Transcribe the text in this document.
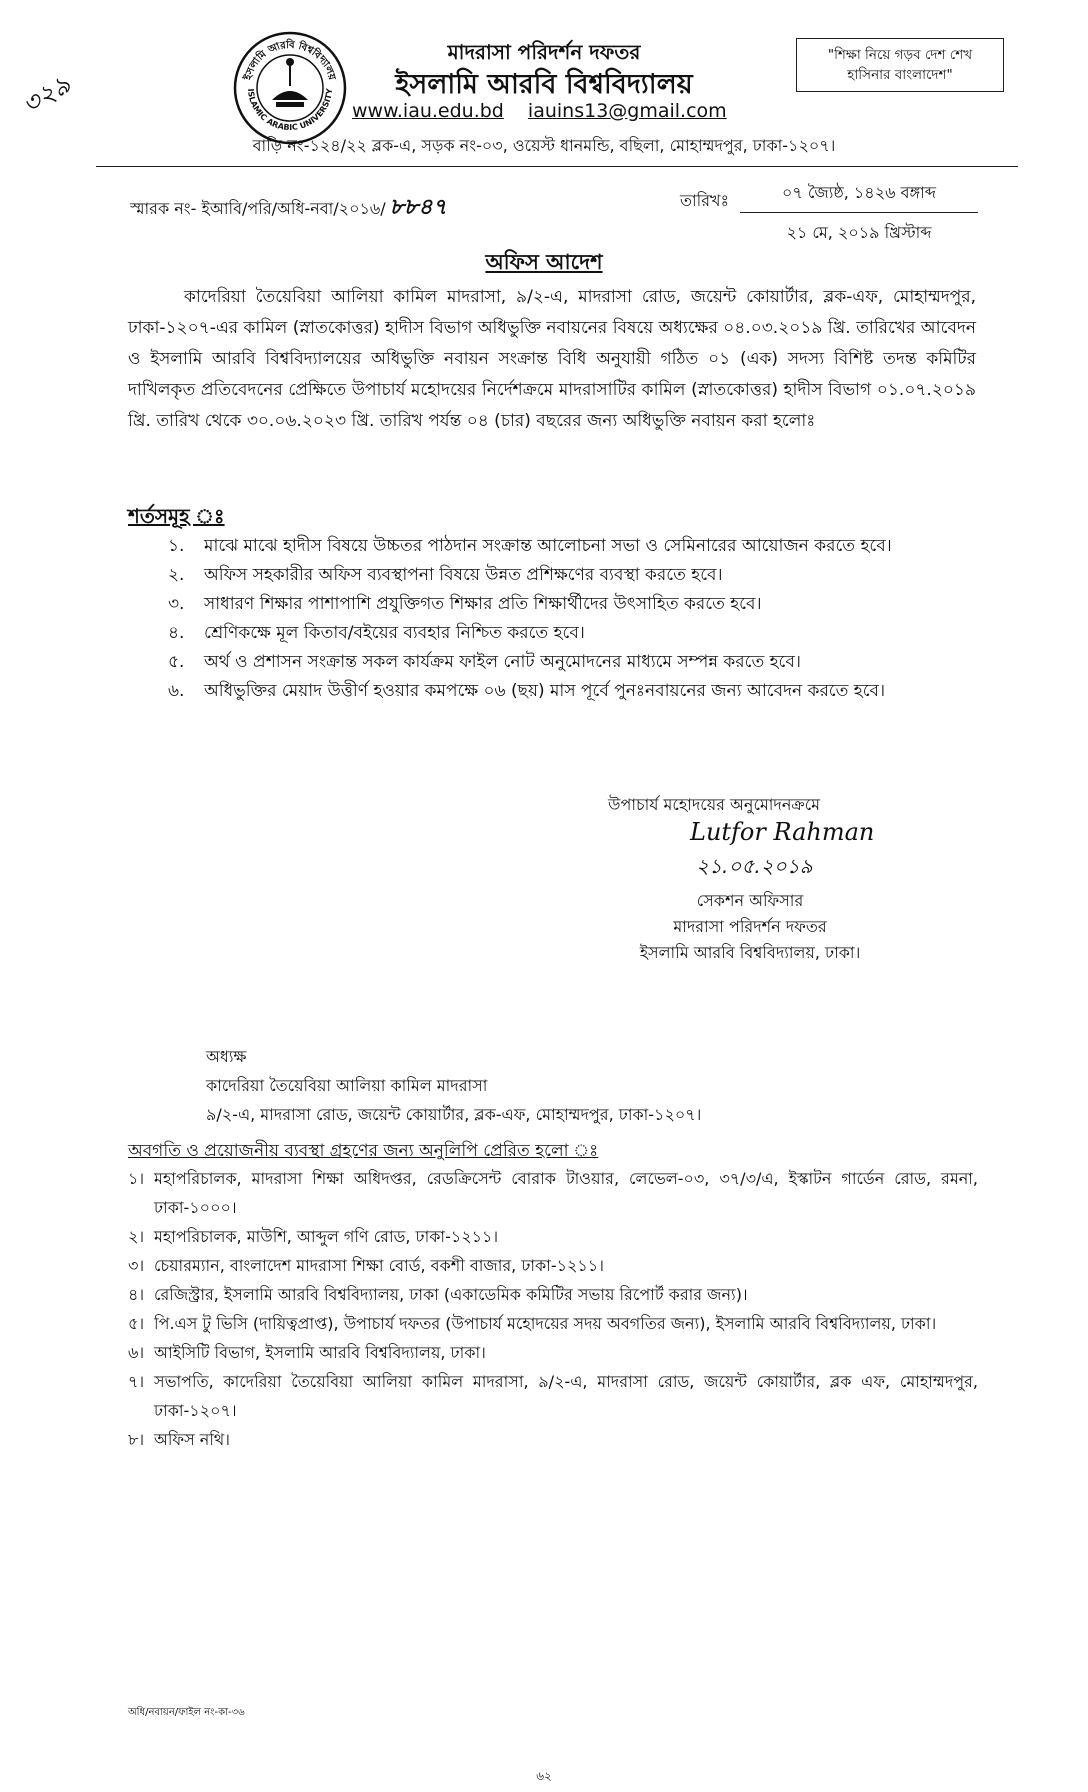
৩২৯	ইসলামি আরবি বিশ্ববিদ্যালয়
ISLAMIC ARABIC UNIVERSITY
মাদরাসা পরিদর্শন দফতর
ইসলামি আরবি বিশ্ববিদ্যালয়
www.iau.edu.bd iauins13@gmail.com
বাড়ি নং-১২৪/২২ ব্লক-এ, সড়ক নং-০৩, ওয়েস্ট ধানমন্ডি, বছিলা, মোহাম্মদপুর, ঢাকা-১২০৭।
"শিক্ষা নিয়ে গড়ব দেশ শেখ হাসিনার বাংলাদেশ"
স্মারক নং- ইআবি/পরি/অধি-নবা/২০১৬/ ৮৮৪৭	তারিখঃ	০৭ জ্যৈষ্ঠ, ১৪২৬ বঙ্গাব্দ
২১ মে, ২০১৯ খ্রিস্টাব্দ
অফিস আদেশ
কাদেরিয়া তৈয়েবিয়া আলিয়া কামিল মাদরাসা, ৯/২-এ, মাদরাসা রোড, জয়েন্ট কোয়ার্টার, ব্লক-এফ, মোহাম্মদপুর, ঢাকা-১২০৭-এর কামিল (স্নাতকোত্তর) হাদীস বিভাগ অধিভুক্তি নবায়নের বিষয়ে অধ্যক্ষের ০৪.০৩.২০১৯ খ্রি. তারিখের আবেদন ও ইসলামি আরবি বিশ্ববিদ্যালয়ের অধিভুক্তি নবায়ন সংক্রান্ত বিধি অনুযায়ী গঠিত ০১ (এক) সদস্য বিশিষ্ট তদন্ত কমিটির দাখিলকৃত প্রতিবেদনের প্রেক্ষিতে উপাচার্য মহোদয়ের নির্দেশক্রমে মাদরাসাটির কামিল (স্নাতকোত্তর) হাদীস বিভাগ ০১.০৭.২০১৯ খ্রি. তারিখ থেকে ৩০.০৬.২০২৩ খ্রি. তারিখ পর্যন্ত ০৪ (চার) বছরের জন্য অধিভুক্তি নবায়ন করা হলোঃ
শর্তসমূহ ঃ
১. মাঝে মাঝে হাদীস বিষয়ে উচ্চতর পাঠদান সংক্রান্ত আলোচনা সভা ও সেমিনারের আয়োজন করতে হবে।
২. অফিস সহকারীর অফিস ব্যবস্থাপনা বিষয়ে উন্নত প্রশিক্ষণের ব্যবস্থা করতে হবে।
৩. সাধারণ শিক্ষার পাশাপাশি প্রযুক্তিগত শিক্ষার প্রতি শিক্ষার্থীদের উৎসাহিত করতে হবে।
৪. শ্রেণিকক্ষে মূল কিতাব/বইয়ের ব্যবহার নিশ্চিত করতে হবে।
৫. অর্থ ও প্রশাসন সংক্রান্ত সকল কার্যক্রম ফাইল নোট অনুমোদনের মাধ্যমে সম্পন্ন করতে হবে।
৬. অধিভুক্তির মেয়াদ উত্তীর্ণ হওয়ার কমপক্ষে ০৬ (ছয়) মাস পূর্বে পুনঃনবায়নের জন্য আবেদন করতে হবে।
উপাচার্য মহোদয়ের অনুমোদনক্রমে
Lutfor Rahman
২১.০৫.২০১৯
সেকশন অফিসার
মাদরাসা পরিদর্শন দফতর
ইসলামি আরবি বিশ্ববিদ্যালয়, ঢাকা।
অধ্যক্ষ
কাদেরিয়া তৈয়েবিয়া আলিয়া কামিল মাদরাসা
৯/২-এ, মাদরাসা রোড, জয়েন্ট কোয়ার্টার, ব্লক-এফ, মোহাম্মদপুর, ঢাকা-১২০৭।
অবগতি ও প্রয়োজনীয় ব্যবস্থা গ্রহণের জন্য অনুলিপি প্রেরিত হলো ঃ
১। মহাপরিচালক, মাদরাসা শিক্ষা অধিদপ্তর, রেডক্রিসেন্ট বোরাক টাওয়ার, লেভেল-০৩, ৩৭/৩/এ, ইস্কাটন গার্ডেন রোড, রমনা, ঢাকা-১০০০।
২। মহাপরিচালক, মাউশি, আব্দুল গণি রোড, ঢাকা-১২১১।
৩। চেয়ারম্যান, বাংলাদেশ মাদরাসা শিক্ষা বোর্ড, বকশী বাজার, ঢাকা-১২১১।
৪। রেজিস্ট্রার, ইসলামি আরবি বিশ্ববিদ্যালয়, ঢাকা (একাডেমিক কমিটির সভায় রিপোর্ট করার জন্য)।
৫। পি.এস টু ভিসি (দায়িত্বপ্রাপ্ত), উপাচার্য দফতর (উপাচার্য মহোদয়ের সদয় অবগতির জন্য), ইসলামি আরবি বিশ্ববিদ্যালয়, ঢাকা।
৬। আইসিটি বিভাগ, ইসলামি আরবি বিশ্ববিদ্যালয়, ঢাকা।
৭। সভাপতি, কাদেরিয়া তৈয়েবিয়া আলিয়া কামিল মাদরাসা, ৯/২-এ, মাদরাসা রোড, জয়েন্ট কোয়ার্টার, ব্লক এফ, মোহাম্মদপুর, ঢাকা-১২০৭।
৮। অফিস নথি।
অধি/নবায়ন/ফাইল নং-কা-৩৬
৬২
